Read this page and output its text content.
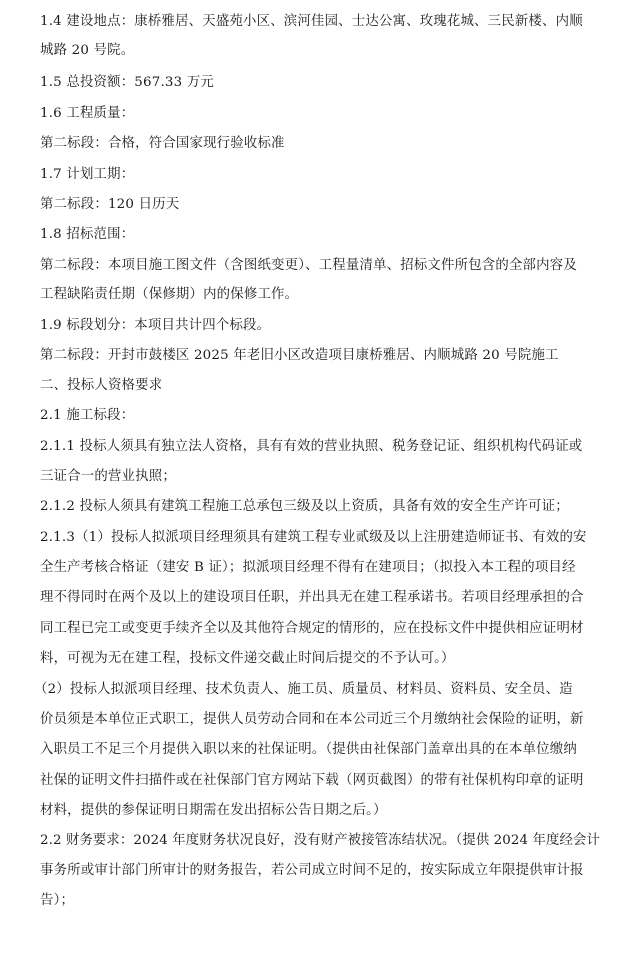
1.4 建设地点：康桥雅居、天盛苑小区、滨河佳园、士达公寓、玫瑰花城、三民新楼、内顺
城路 20 号院。
1.5 总投资额：567.33 万元
1.6 工程质量：
第二标段：合格，符合国家现行验收标准
1.7 计划工期：
第二标段：120 日历天
1.8 招标范围：
第二标段：本项目施工图文件（含图纸变更）、工程量清单、招标文件所包含的全部内容及
工程缺陷责任期（保修期）内的保修工作。
1.9 标段划分：本项目共计四个标段。
第二标段：开封市鼓楼区 2025 年老旧小区改造项目康桥雅居、内顺城路 20 号院施工
二、投标人资格要求
2.1 施工标段：
2.1.1 投标人须具有独立法人资格，具有有效的营业执照、税务登记证、组织机构代码证或
三证合一的营业执照；
2.1.2 投标人须具有建筑工程施工总承包三级及以上资质，具备有效的安全生产许可证；
2.1.3（1）投标人拟派项目经理须具有建筑工程专业贰级及以上注册建造师证书、有效的安
全生产考核合格证（建安 B 证）；拟派项目经理不得有在建项目；（拟投入本工程的项目经
理不得同时在两个及以上的建设项目任职，并出具无在建工程承诺书。若项目经理承担的合
同工程已完工或变更手续齐全以及其他符合规定的情形的，应在投标文件中提供相应证明材
料，可视为无在建工程，投标文件递交截止时间后提交的不予认可。）
（2）投标人拟派项目经理、技术负责人、施工员、质量员、材料员、资料员、安全员、造
价员须是本单位正式职工，提供人员劳动合同和在本公司近三个月缴纳社会保险的证明，新
入职员工不足三个月提供入职以来的社保证明。（提供由社保部门盖章出具的在本单位缴纳
社保的证明文件扫描件或在社保部门官方网站下载（网页截图）的带有社保机构印章的证明
材料，提供的参保证明日期需在发出招标公告日期之后。）
2.2 财务要求：2024 年度财务状况良好，没有财产被接管冻结状况。（提供 2024 年度经会计
事务所或审计部门所审计的财务报告，若公司成立时间不足的，按实际成立年限提供审计报
告）；
